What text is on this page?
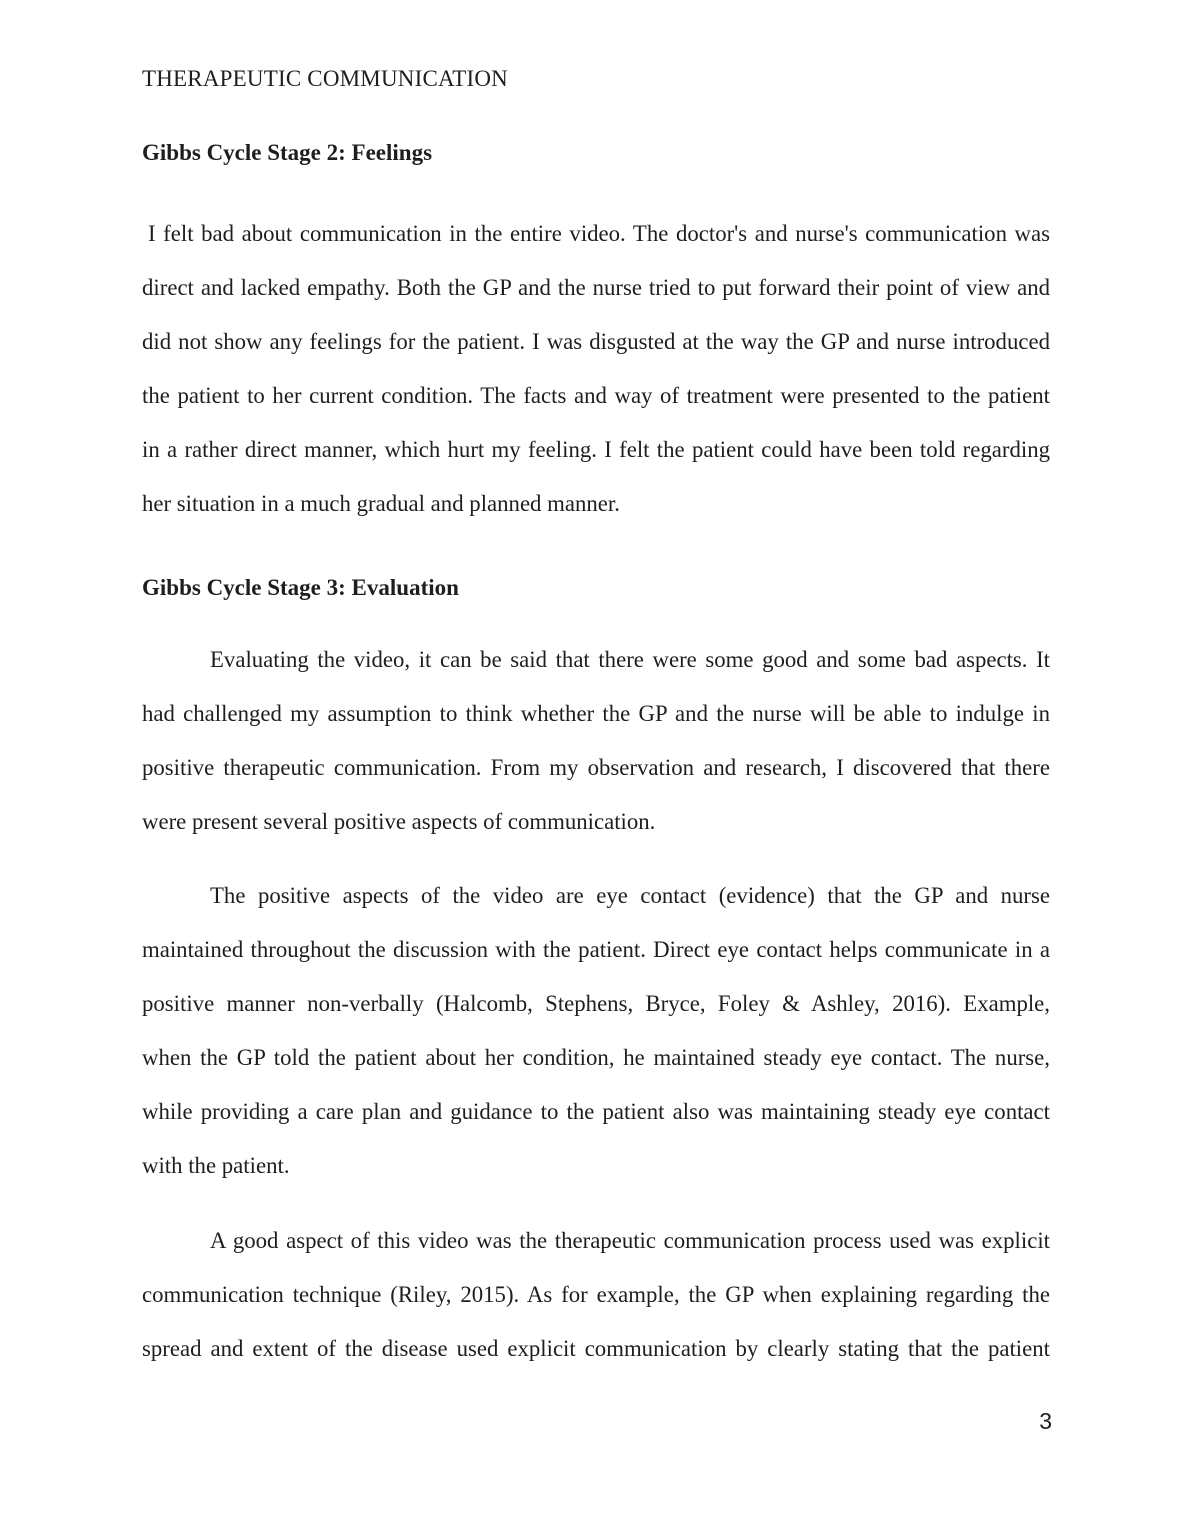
THERAPEUTIC COMMUNICATION
Gibbs Cycle Stage 2: Feelings
I felt bad about communication in the entire video. The doctor's and nurse's communication was
direct and lacked empathy. Both the GP and the nurse tried to put forward their point of view and
did not show any feelings for the patient. I was disgusted at the way the GP and nurse introduced
the patient to her current condition. The facts and way of treatment were presented to the patient
in a rather direct manner, which hurt my feeling. I felt the patient could have been told regarding
her situation in a much gradual and planned manner.
Gibbs Cycle Stage 3: Evaluation
Evaluating the video, it can be said that there were some good and some bad aspects. It
had challenged my assumption to think whether the GP and the nurse will be able to indulge in
positive therapeutic communication. From my observation and research, I discovered that there
were present several positive aspects of communication.
The positive aspects of the video are eye contact (evidence) that the GP and nurse
maintained throughout the discussion with the patient. Direct eye contact helps communicate in a
positive manner non-verbally (Halcomb, Stephens, Bryce, Foley & Ashley, 2016). Example,
when the GP told the patient about her condition, he maintained steady eye contact. The nurse,
while providing a care plan and guidance to the patient also was maintaining steady eye contact
with the patient.
A good aspect of this video was the therapeutic communication process used was explicit
communication technique (Riley, 2015). As for example, the GP when explaining regarding the
spread and extent of the disease used explicit communication by clearly stating that the patient
3
